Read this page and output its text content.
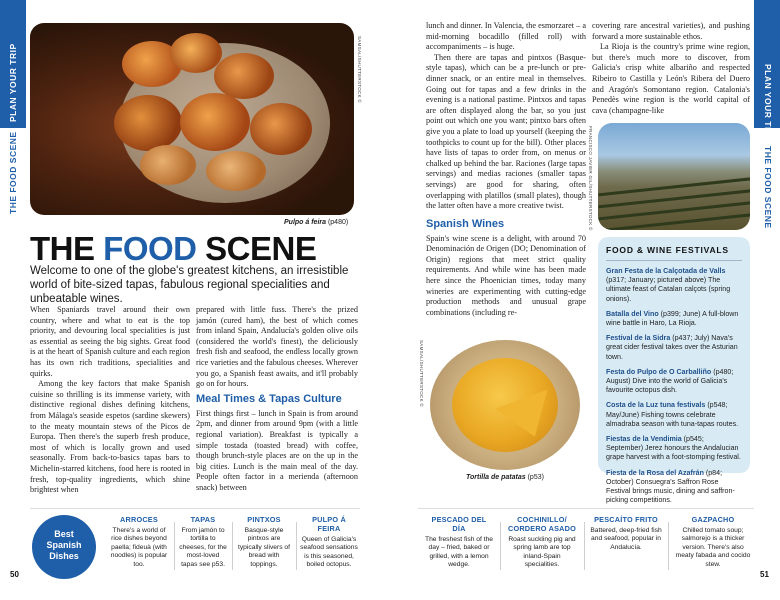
PLAN YOUR TRIP
THE FOOD SCENE
PLAN YOUR TRIP
THE FOOD SCENE
SAMSAL/SHUTTERSTOCK ©
Pulpo á feira (p480)
THE FOOD SCENE
Welcome to one of the globe's greatest kitchens, an irresistible world of bite-sized tapas, fabulous regional specialities and unbeatable wines.

When Spaniards travel around their own country, where and what to eat is the top priority, and devouring local specialities is just as essential as seeing the big sights. Great food is at the heart of Spanish culture and each region has its own rich traditions, specialities and quirks.

Among the key factors that make Spanish cuisine so thrilling is its immense variety, with distinctive regional dishes defining kitchens, from Málaga's seaside espetos (sardine skewers) to the meaty mountain stews of the Picos de Europa. Then there's the superb fresh produce, most of which is locally grown and used seasonally. From back-to-basics tapas bars to Michelin-starred kitchens, food here is rooted in fresh, top-quality ingredients, which shine brightest when

prepared with little fuss. There's the prized jamón (cured ham), the best of which comes from inland Spain, Andalucía's golden olive oils (considered the world's finest), the deliciously fresh fish and seafood, the endless locally grown rice varieties and the fabulous cheeses. Wherever you go, a Spanish feast awaits, and it'll probably go on for hours.

Meal Times & Tapas Culture

First things first – lunch in Spain is from around 2pm, and dinner from around 9pm (with a little regional variation). Breakfast is typically a simple tostada (toasted bread) with coffee, though brunch-style places are on the up in the big cities. Lunch is the main meal of the day. People often factor in a merienda (afternoon snack) between

lunch and dinner. In Valencia, the esmorzaret – a mid-morning bocadillo (filled roll) with accompaniments – is huge.

Then there are tapas and pintxos (Basque-style tapas), which can be a pre-lunch or pre-dinner snack, or an entire meal in themselves. Going out for tapas and a few drinks in the evening is a national pastime. Pintxos and tapas are often displayed along the bar, so you just point out which one you want; pintxo bars often give you a plate to load up yourself (keeping the toothpicks to count up for the bill). Other places have lists of tapas to order from, on menus or chalked up behind the bar. Raciones (large tapas servings) and medias raciones (smaller tapas servings) are good for sharing, often overlapping with platillos (small plates), though the latter often have a more creative twist.

Spanish Wines

Spain's wine scene is a delight, with around 70 Denominación de Origen (DO; Denomination of Origin) regions that meet strict quality requirements. And while wine has been made here since the Phoenician times, today many wineries are experimenting with cutting-edge production methods and unusual grape combinations (including re-

covering rare ancestral varieties), and pushing forward a more sustainable ethos.

La Rioja is the country's prime wine region, but there's much more to discover, from Galicia's crisp white albariño and respected Ribeiro to Castilla y León's Ribera del Duero and Aragón's Somontano region. Catalonia's Penedès wine region is the world capital of cava (champagne-like

FRANCISCO JAVIER GIL/SHUTTERSTOCK ©
SAMSAL/SHUTTERSTOCK ©
Tortilla de patatas (p53)
FOOD & WINE FESTIVALS
Gran Festa de la Calçotada de Valls (p317; January; pictured above) The ultimate feast of Catalan calçots (spring onions).
Batalla del Vino (p399; June) A full-blown wine battle in Haro, La Rioja.
Festival de la Sidra (p437; July) Nava's great cider festival takes over the Asturian town.
Festa do Pulpo de O Carballiño (p480; August) Dive into the world of Galicia's favourite octopus dish.
Costa de la Luz tuna festivals (p548; May/June) Fishing towns celebrate almadraba season with tuna-tapas routes.
Fiestas de la Vendimia (p545; September) Jerez honours the Andalucian grape harvest with a foot-stomping festival.
Fiesta de la Rosa del Azafrán (p84; October) Consuegra's Saffron Rose Festival brings music, dining and saffron-picking competitions.
Best
Spanish
Dishes
ARROCES
There's a world of rice dishes beyond paella; fideuà (with noodles) is popular too.
TAPAS
From jamón to tortilla to cheeses, for the most-loved tapas see p53.
PINTXOS
Basque-style pintxos are typically slivers of bread with toppings.
PULPO Á FEIRA
Queen of Galicia's seafood sensations is this seasoned, boiled octopus.
PESCADO DEL DÍA
The freshest fish of the day – fried, baked or grilled, with a lemon wedge.
COCHINILLO/ CORDERO ASADO
Roast suckling pig and spring lamb are top inland-Spain specialities.
PESCAÍTO FRITO
Battered, deep-fried fish and seafood, popular in Andalucía.
GAZPACHO
Chilled tomato soup; salmorejo is a thicker version. There's also meaty fabada and cocido stew.
50	51
